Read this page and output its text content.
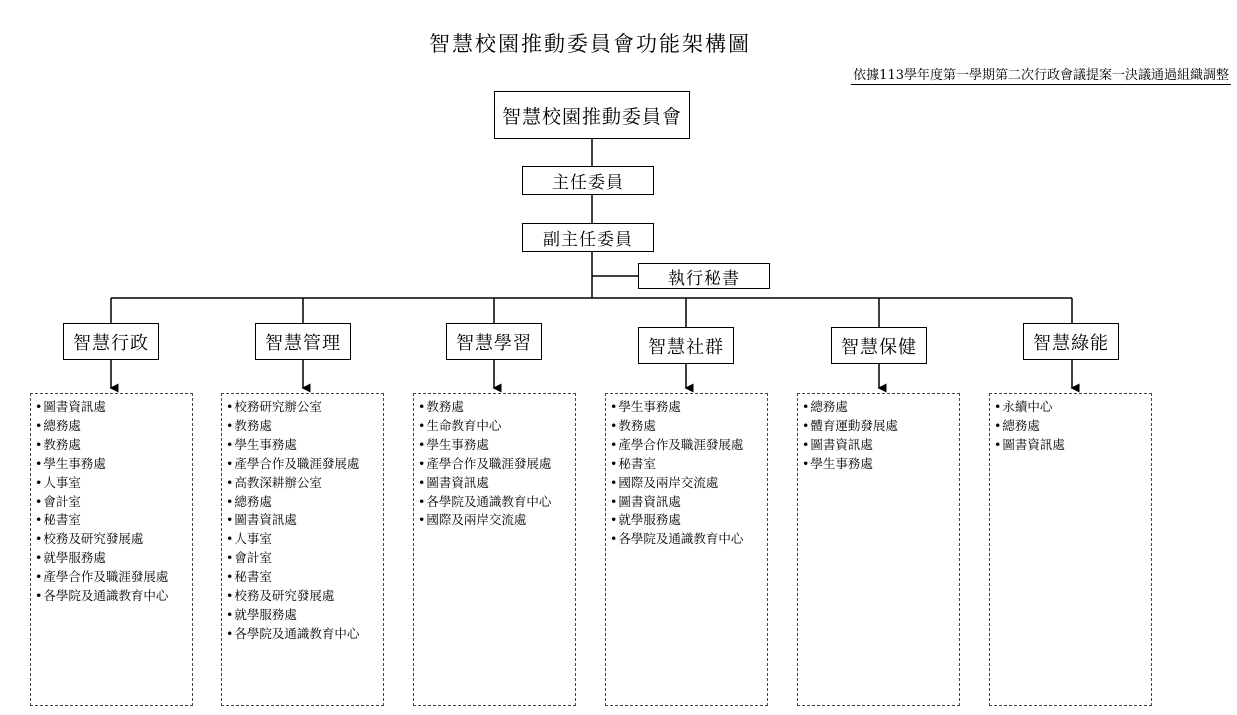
智慧校園推動委員會功能架構圖
依據113學年度第一學期第二次行政會議提案一決議通過組織調整
智慧校園推動委員會
主任委員
副主任委員
執行秘書
智慧行政	智慧管理	智慧學習	智慧社群	智慧保健	智慧綠能
• 圖書資訊處
• 總務處
• 教務處
• 學生事務處
• 人事室
• 會計室
• 秘書室
• 校務及研究發展處
• 就學服務處
• 產學合作及職涯發展處
• 各學院及通識教育中心
• 校務研究辦公室
• 教務處
• 學生事務處
• 產學合作及職涯發展處
• 高教深耕辦公室
• 總務處
• 圖書資訊處
• 人事室
• 會計室
• 秘書室
• 校務及研究發展處
• 就學服務處
• 各學院及通識教育中心
• 教務處
• 生命教育中心
• 學生事務處
• 產學合作及職涯發展處
• 圖書資訊處
• 各學院及通識教育中心
• 國際及兩岸交流處
• 學生事務處
• 教務處
• 產學合作及職涯發展處
• 秘書室
• 國際及兩岸交流處
• 圖書資訊處
• 就學服務處
• 各學院及通識教育中心
• 總務處
• 體育運動發展處
• 圖書資訊處
• 學生事務處
• 永續中心
• 總務處
• 圖書資訊處
